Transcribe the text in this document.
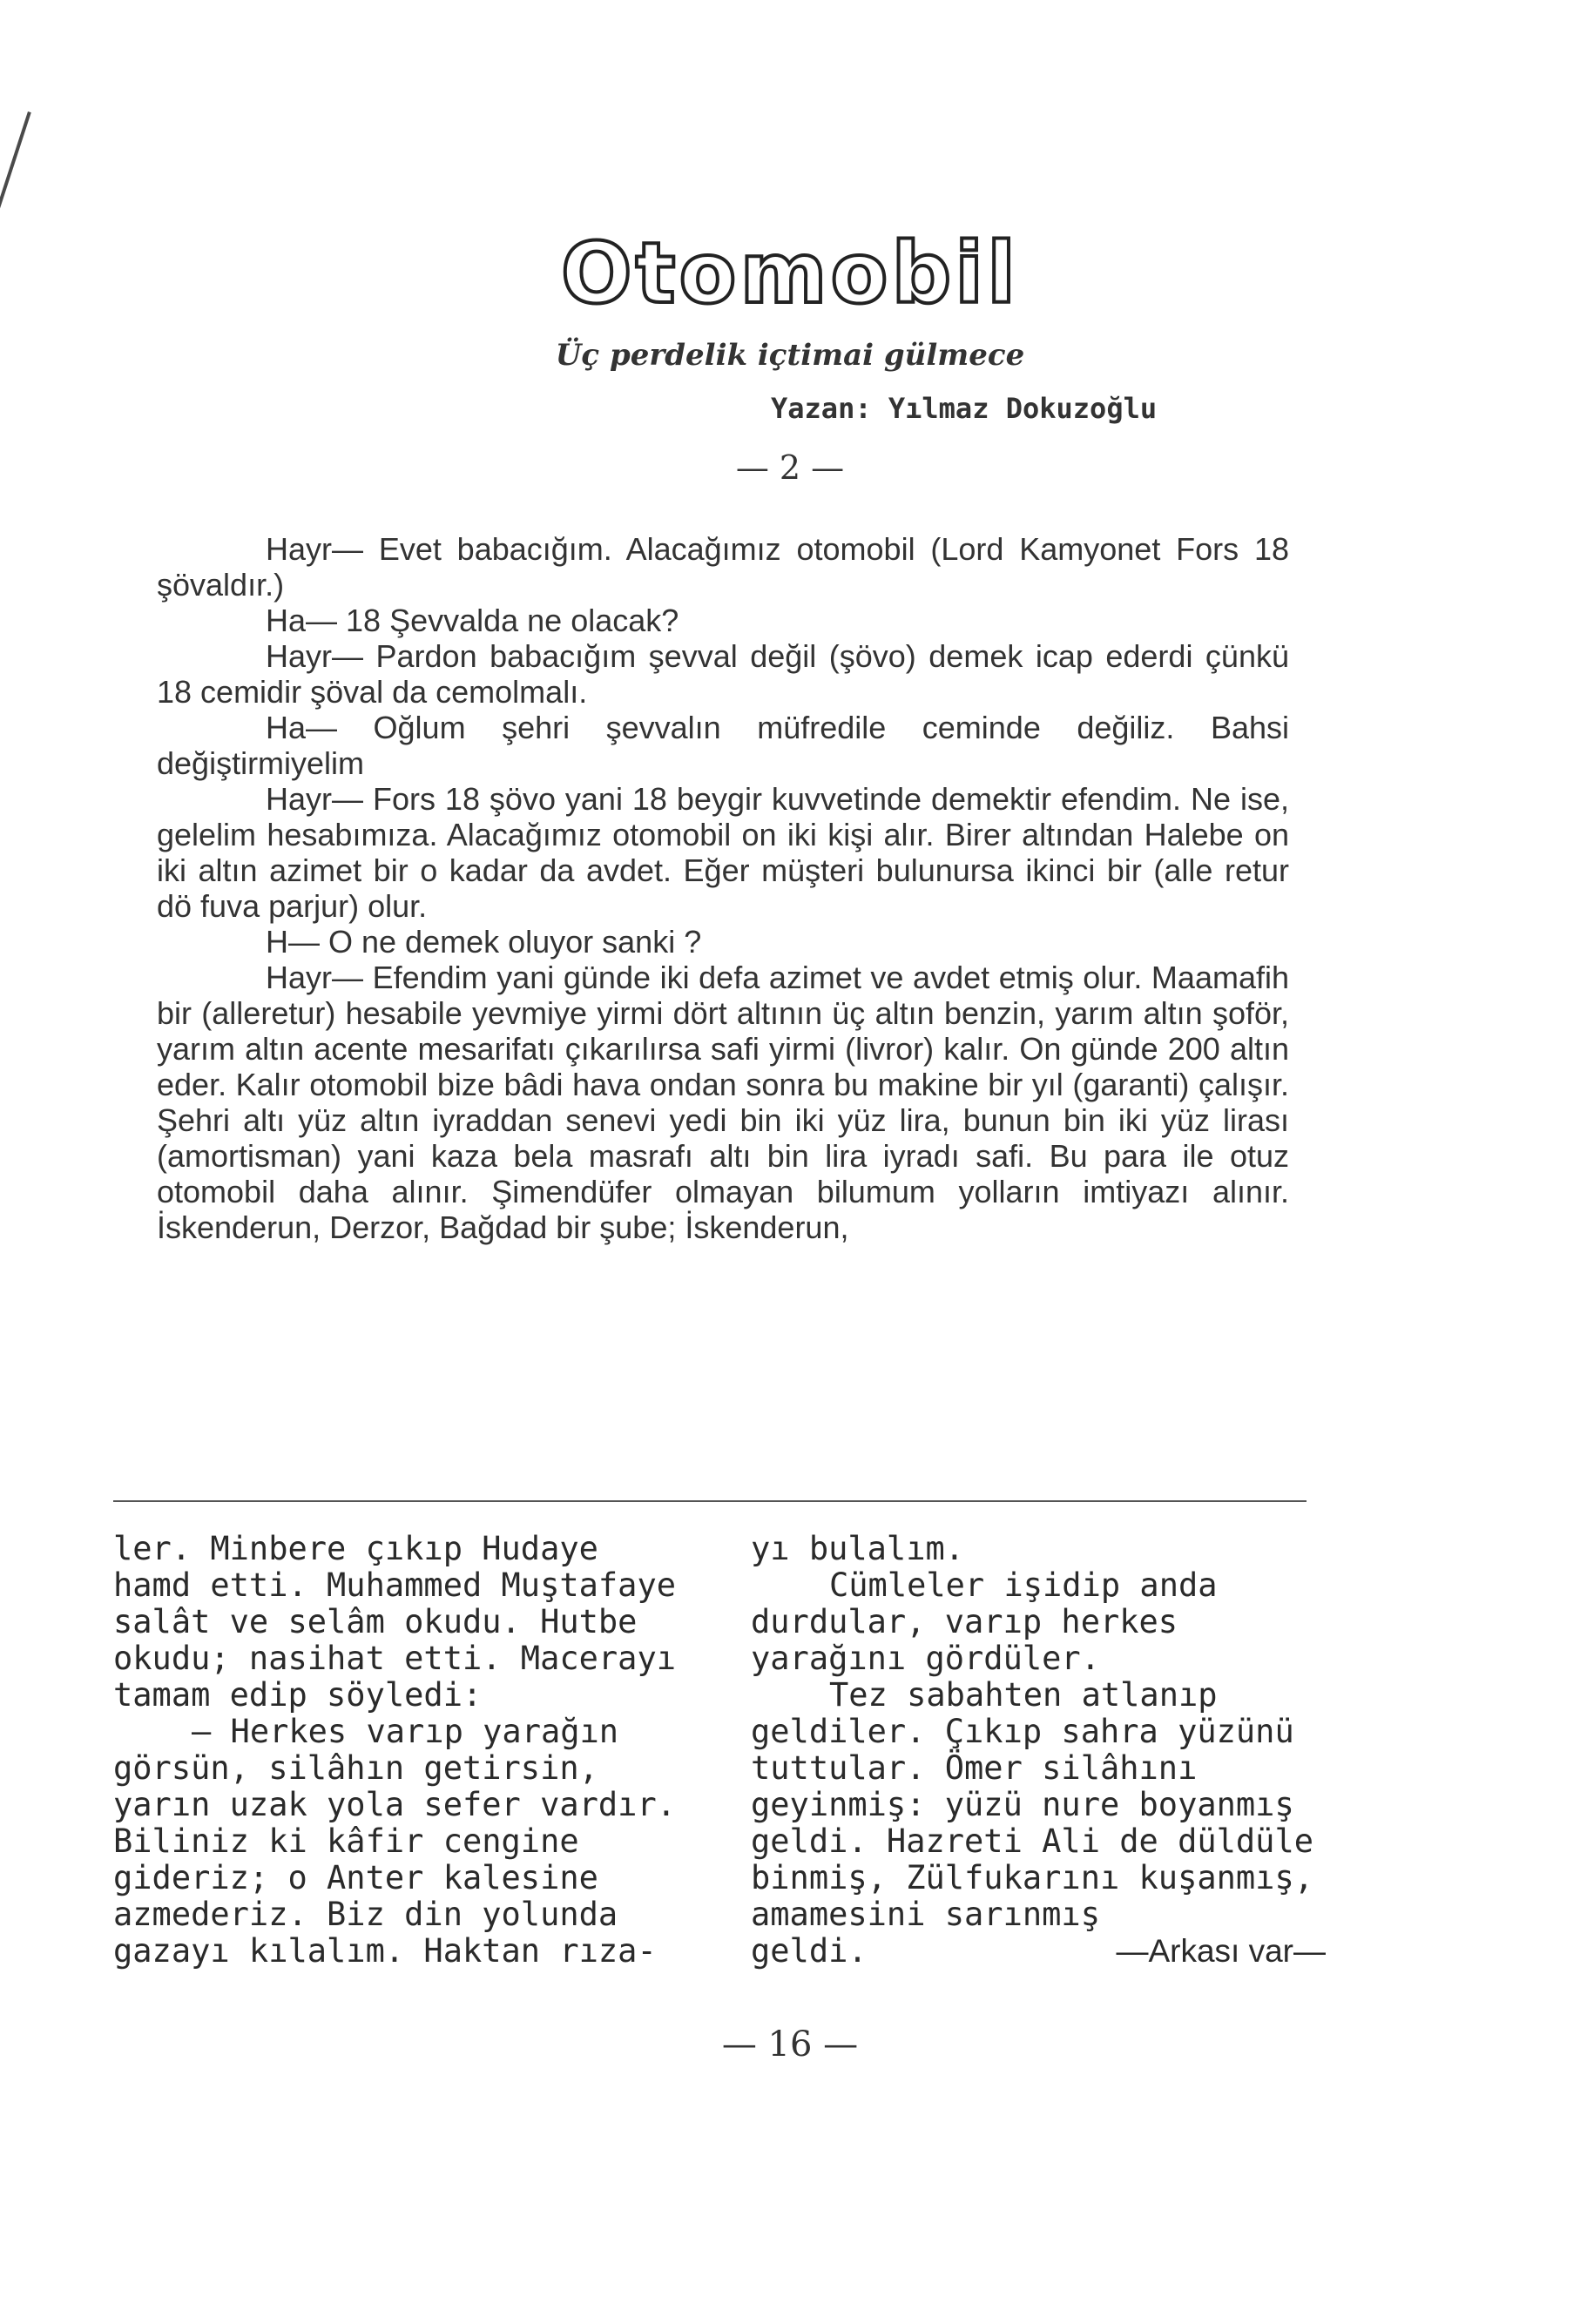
Otomobil
Üç perdelik içtimai gülmece
Yazan: Yılmaz Dokuzoğlu
— 2 —

Hayr— Evet babacığım. Alacağımız otomobil (Lord Kamyonet Fors 18 şövaldır.)

Ha— 18 Şevvalda ne olacak?

Hayr— Pardon babacığım şevval değil (şövo) demek icap ederdi çünkü 18 cemidir şöval da cemolmalı.

Ha— Oğlum şehri şevvalın müfredile ceminde değiliz. Bahsi değiştirmiyelim

Hayr— Fors 18 şövo yani 18 beygir kuvvetinde demektir efendim. Ne ise, gelelim hesabımıza. Alacağımız otomobil on iki kişi alır. Birer altından Halebe on iki altın azimet bir o kadar da avdet. Eğer müşteri bulunursa ikinci bir (alle retur dö fuva parjur) olur.

H— O ne demek oluyor sanki ?

Hayr— Efendim yani günde iki defa azimet ve avdet etmiş olur. Maamafih bir (alleretur) hesabile yevmiye yirmi dört altının üç altın benzin, yarım altın şoför, yarım altın acente mesarifatı çıkarılırsa safi yirmi (livror) kalır. On günde 200 altın eder. Kalır otomobil bize bâdi hava ondan sonra bu makine bir yıl (garanti) çalışır. Şehri altı yüz altın iyraddan senevi yedi bin iki yüz lira, bunun bin iki yüz lirası (amortisman) yani kaza bela masrafı altı bin lira iyradı safi. Bu para ile otuz otomobil daha alınır. Şimendüfer olmayan bilumum yolların imtiyazı alınır. İskenderun, Derzor, Bağdad bir şube; İskenderun,

ler. Minbere çıkıp Hudaye hamd etti. Muhammed Muştafaye salât ve selâm okudu. Hutbe okudu; nasihat etti. Macerayı tamam edip söyledi:

— Herkes varıp yarağın görsün, silâhın getirsin, yarın uzak yola sefer vardır. Biliniz ki kâfir cengine gideriz; o Anter kalesine azmederiz. Biz din yolunda gazayı kılalım. Haktan rıza-

yı bulalım.

Cümleler işidip anda durdular, varıp herkes yarağını gördüler.

Tez sabahten atlanıp geldiler. Çıkıp sahra yüzünü tuttular. Ömer silâhını geyinmiş: yüzü nure boyanmış geldi. Hazreti Ali de düldüle binmiş, Zülfukarını kuşanmış, amamesini sarınmış

geldi.	—Arkası var—

— 16 —
